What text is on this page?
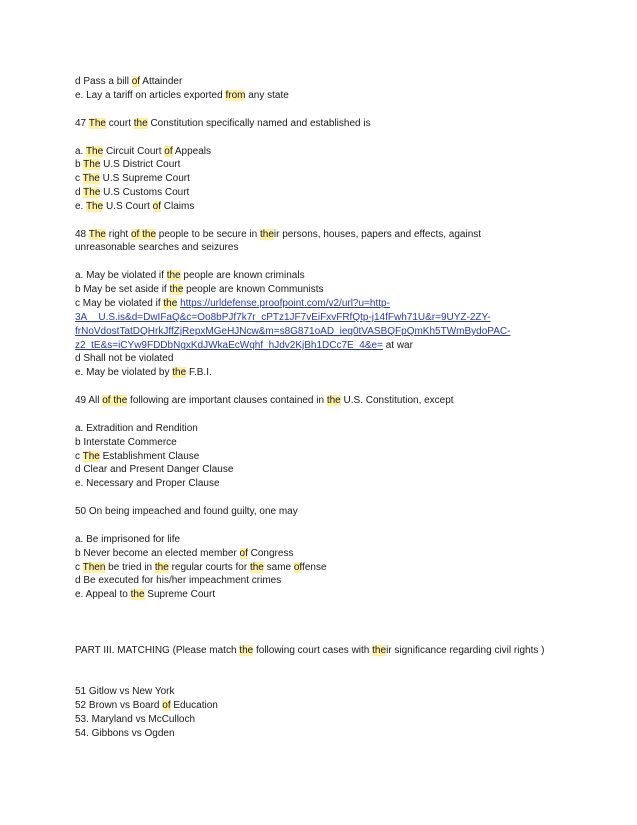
d Pass a bill of Attainder
e. Lay a tariff on articles exported from any state
47 The court the Constitution specifically named and established is
a. The Circuit Court of Appeals
b The U.S District Court
c The U.S Supreme Court
d The U.S Customs Court
e. The U.S Court of Claims
48 The right of the people to be secure in their persons, houses, papers and effects, against
unreasonable searches and seizures
a. May be violated if the people are known criminals
b May be set aside if the people are known Communists
c May be violated if the https://urldefense.proofpoint.com/v2/url?u=http-
3A__U.S.is&d=DwIFaQ&c=Oo8bPJf7k7r_cPTz1JF7vEiFxvFRfQtp-j14fFwh71U&r=9UYZ-2ZY-
frNoVdostTatDQHrkJffZjRepxMGeHJNcw&m=s8G871oAD_ieq0tVASBQFpQmKh5TWmBydoPAC-
z2_tE&s=iCYw9FDDbNgxKdJWkaEcWqhf_hJdv2KjBh1DCc7E_4&e= at war
d Shall not be violated
e. May be violated by the F.B.I.
49 All of the following are important clauses contained in the U.S. Constitution, except
a. Extradition and Rendition
b Interstate Commerce
c The Establishment Clause
d Clear and Present Danger Clause
e. Necessary and Proper Clause
50 On being impeached and found guilty, one may
a. Be imprisoned for life
b Never become an elected member of Congress
c Then be tried in the regular courts for the same offense
d Be executed for his/her impeachment crimes
e. Appeal to the Supreme Court
PART III. MATCHING (Please match the following court cases with their significance regarding civil rights )
51 Gitlow vs New York
52 Brown vs Board of Education
53. Maryland vs McCulloch
54. Gibbons vs Ogden
